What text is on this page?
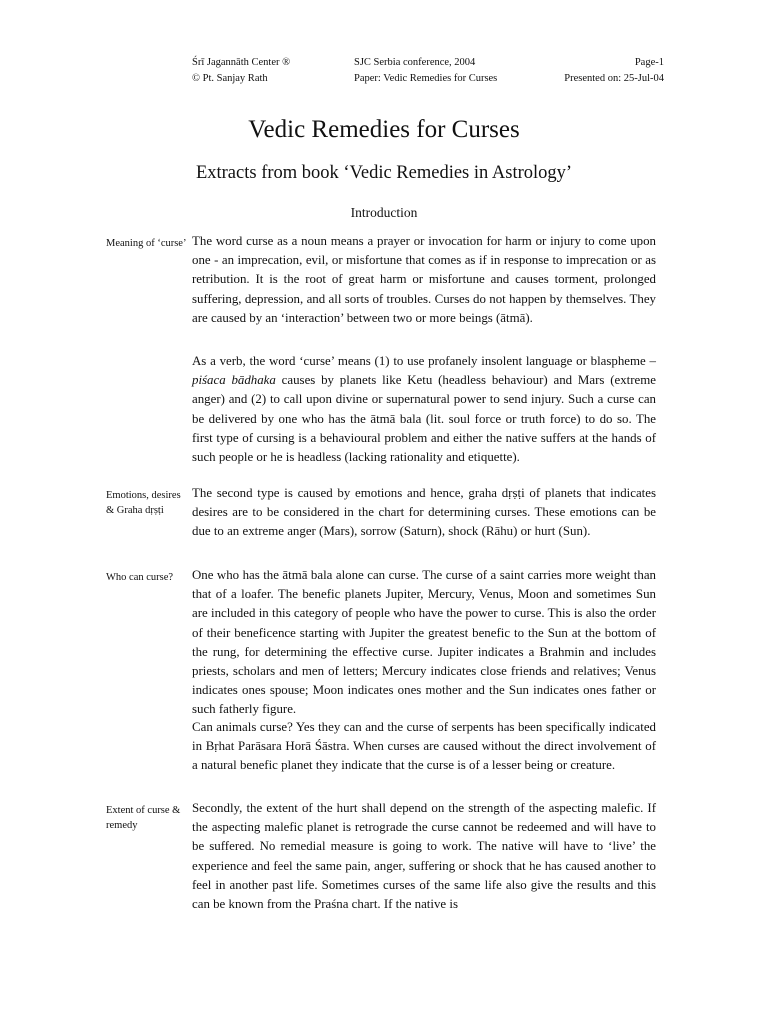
Śrī Jagannāth Center ®
© Pt. Sanjay Rath
SJC Serbia conference, 2004
Paper: Vedic Remedies for Curses
Page-1
Presented on: 25-Jul-04
Vedic Remedies for Curses
Extracts from book ‘Vedic Remedies in Astrology’
Introduction
Meaning of ‘curse’
Emotions, desires & Graha dṛṣṭi
Who can curse?
Extent of curse & remedy

The word curse as a noun means a prayer or invocation for harm or injury to come upon one - an imprecation, evil, or misfortune that comes as if in response to imprecation or as retribution. It is the root of great harm or misfortune and causes torment, prolonged suffering, depression, and all sorts of troubles. Curses do not happen by themselves. They are caused by an ‘interaction’ between two or more beings (ātmā).

As a verb, the word ‘curse’ means (1) to use profanely insolent language or blaspheme – piśaca bādhaka causes by planets like Ketu (headless behaviour) and Mars (extreme anger) and (2) to call upon divine or supernatural power to send injury. Such a curse can be delivered by one who has the ātmā bala (lit. soul force or truth force) to do so. The first type of cursing is a behavioural problem and either the native suffers at the hands of such people or he is headless (lacking rationality and etiquette).

The second type is caused by emotions and hence, graha dṛṣṭi of planets that indicates desires are to be considered in the chart for determining curses. These emotions can be due to an extreme anger (Mars), sorrow (Saturn), shock (Rāhu) or hurt (Sun).

One who has the ātmā bala alone can curse. The curse of a saint carries more weight than that of a loafer. The benefic planets Jupiter, Mercury, Venus, Moon and sometimes Sun are included in this category of people who have the power to curse. This is also the order of their beneficence starting with Jupiter the greatest benefic to the Sun at the bottom of the rung, for determining the effective curse. Jupiter indicates a Brahmin and includes priests, scholars and men of letters; Mercury indicates close friends and relatives; Venus indicates ones spouse; Moon indicates ones mother and the Sun indicates ones father or such fatherly figure.

Can animals curse? Yes they can and the curse of serpents has been specifically indicated in Bṛhat Parāsara Horā Śāstra. When curses are caused without the direct involvement of a natural benefic planet they indicate that the curse is of a lesser being or creature.

Secondly, the extent of the hurt shall depend on the strength of the aspecting malefic. If the aspecting malefic planet is retrograde the curse cannot be redeemed and will have to be suffered. No remedial measure is going to work. The native will have to ‘live’ the experience and feel the same pain, anger, suffering or shock that he has caused another to feel in another past life. Sometimes curses of the same life also give the results and this can be known from the Praśna chart. If the native is
